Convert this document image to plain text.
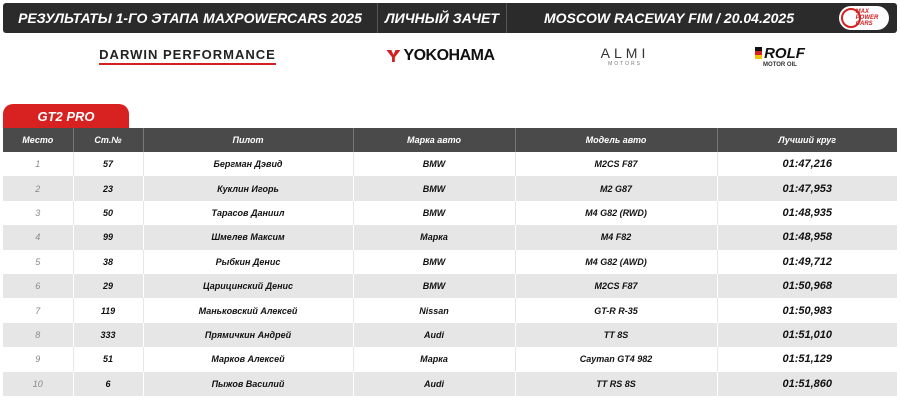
РЕЗУЛЬТАТЫ 1-ГО ЭТАПА MAXPOWERCARS 2025	ЛИЧНЫЙ ЗАЧЕТ	MOSCOW RACEWAY FIM / 20.04.2025	MAX
POWER
CARS
DARWIN PERFORMANCE	YOKOHAMA	ALMI
MOTORS
ROLF
MOTOR OIL
GT2 PRO
Место	Ст.№	Пилот	Марка авто	Модель авто	Лучший круг
1	57	Бергман Дэвид	BMW	M2CS F87	01:47,216
2	23	Куклин Игорь	BMW	M2 G87	01:47,953
3	50	Тарасов Даниил	BMW	M4 G82 (RWD)	01:48,935
4	99	Шмелев Максим	Марка	M4 F82	01:48,958
5	38	Рыбкин Денис	BMW	M4 G82 (AWD)	01:49,712
6	29	Царицинский Денис	BMW	M2CS F87	01:50,968
7	119	Маньковский Алексей	Nissan	GT-R R-35	01:50,983
8	333	Прямичкин Андрей	Audi	TT 8S	01:51,010
9	51	Марков Алексей	Марка	Cayman GT4 982	01:51,129
10	6	Пыжов Василий	Audi	TT RS 8S	01:51,860
